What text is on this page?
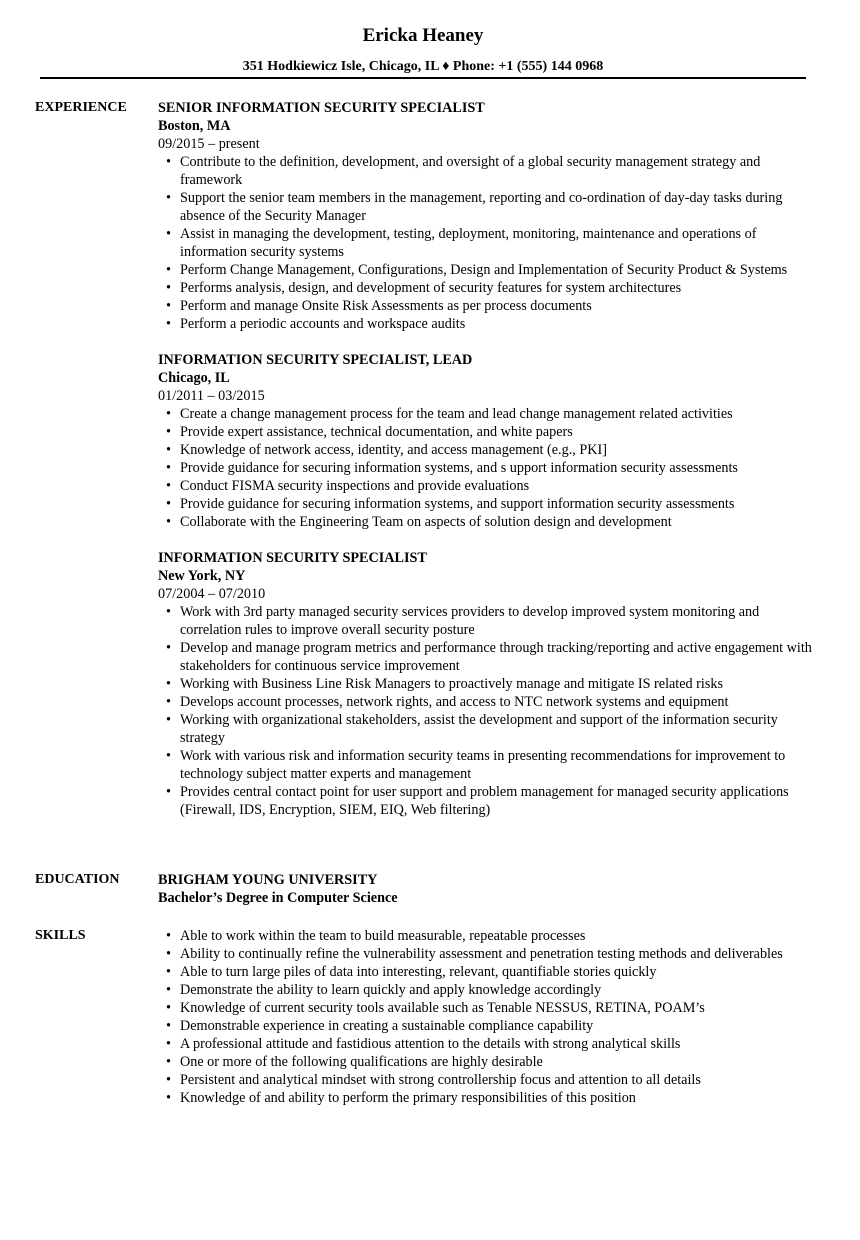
Ericka Heaney
351 Hodkiewicz Isle, Chicago, IL ♦ Phone: +1 (555) 144 0968
EXPERIENCE	SENIOR INFORMATION SECURITY SPECIALIST
Boston, MA
09/2015 – present
• Contribute to the definition, development, and oversight of a global security management strategy and framework
• Support the senior team members in the management, reporting and co-ordination of day-day tasks during absence of the Security Manager
• Assist in managing the development, testing, deployment, monitoring, maintenance and operations of information security systems
• Perform Change Management, Configurations, Design and Implementation of Security Product & Systems
• Performs analysis, design, and development of security features for system architectures
• Perform and manage Onsite Risk Assessments as per process documents
• Perform a periodic accounts and workspace audits
INFORMATION SECURITY SPECIALIST, LEAD
Chicago, IL
01/2011 – 03/2015
• Create a change management process for the team and lead change management related activities
• Provide expert assistance, technical documentation, and white papers
• Knowledge of network access, identity, and access management (e.g., PKI]
• Provide guidance for securing information systems, and s upport information security assessments
• Conduct FISMA security inspections and provide evaluations
• Provide guidance for securing information systems, and support information security assessments
• Collaborate with the Engineering Team on aspects of solution design and development
INFORMATION SECURITY SPECIALIST
New York, NY
07/2004 – 07/2010
• Work with 3rd party managed security services providers to develop improved system monitoring and correlation rules to improve overall security posture
• Develop and manage program metrics and performance through tracking/reporting and active engagement with stakeholders for continuous service improvement
• Working with Business Line Risk Managers to proactively manage and mitigate IS related risks
• Develops account processes, network rights, and access to NTC network systems and equipment
• Working with organizational stakeholders, assist the development and support of the information security strategy
• Work with various risk and information security teams in presenting recommendations for improvement to technology subject matter experts and management
• Provides central contact point for user support and problem management for managed security applications (Firewall, IDS, Encryption, SIEM, EIQ, Web filtering)
EDUCATION	BRIGHAM YOUNG UNIVERSITY
Bachelor’s Degree in Computer Science
SKILLS
•	Able to work within the team to build measurable, repeatable processes
• Ability to continually refine the vulnerability assessment and penetration testing methods and deliverables
• Able to turn large piles of data into interesting, relevant, quantifiable stories quickly
• Demonstrate the ability to learn quickly and apply knowledge accordingly
• Knowledge of current security tools available such as Tenable NESSUS, RETINA, POAM’s
• Demonstrable experience in creating a sustainable compliance capability
• A professional attitude and fastidious attention to the details with strong analytical skills
• One or more of the following qualifications are highly desirable
• Persistent and analytical mindset with strong controllership focus and attention to all details
• Knowledge of and ability to perform the primary responsibilities of this position
